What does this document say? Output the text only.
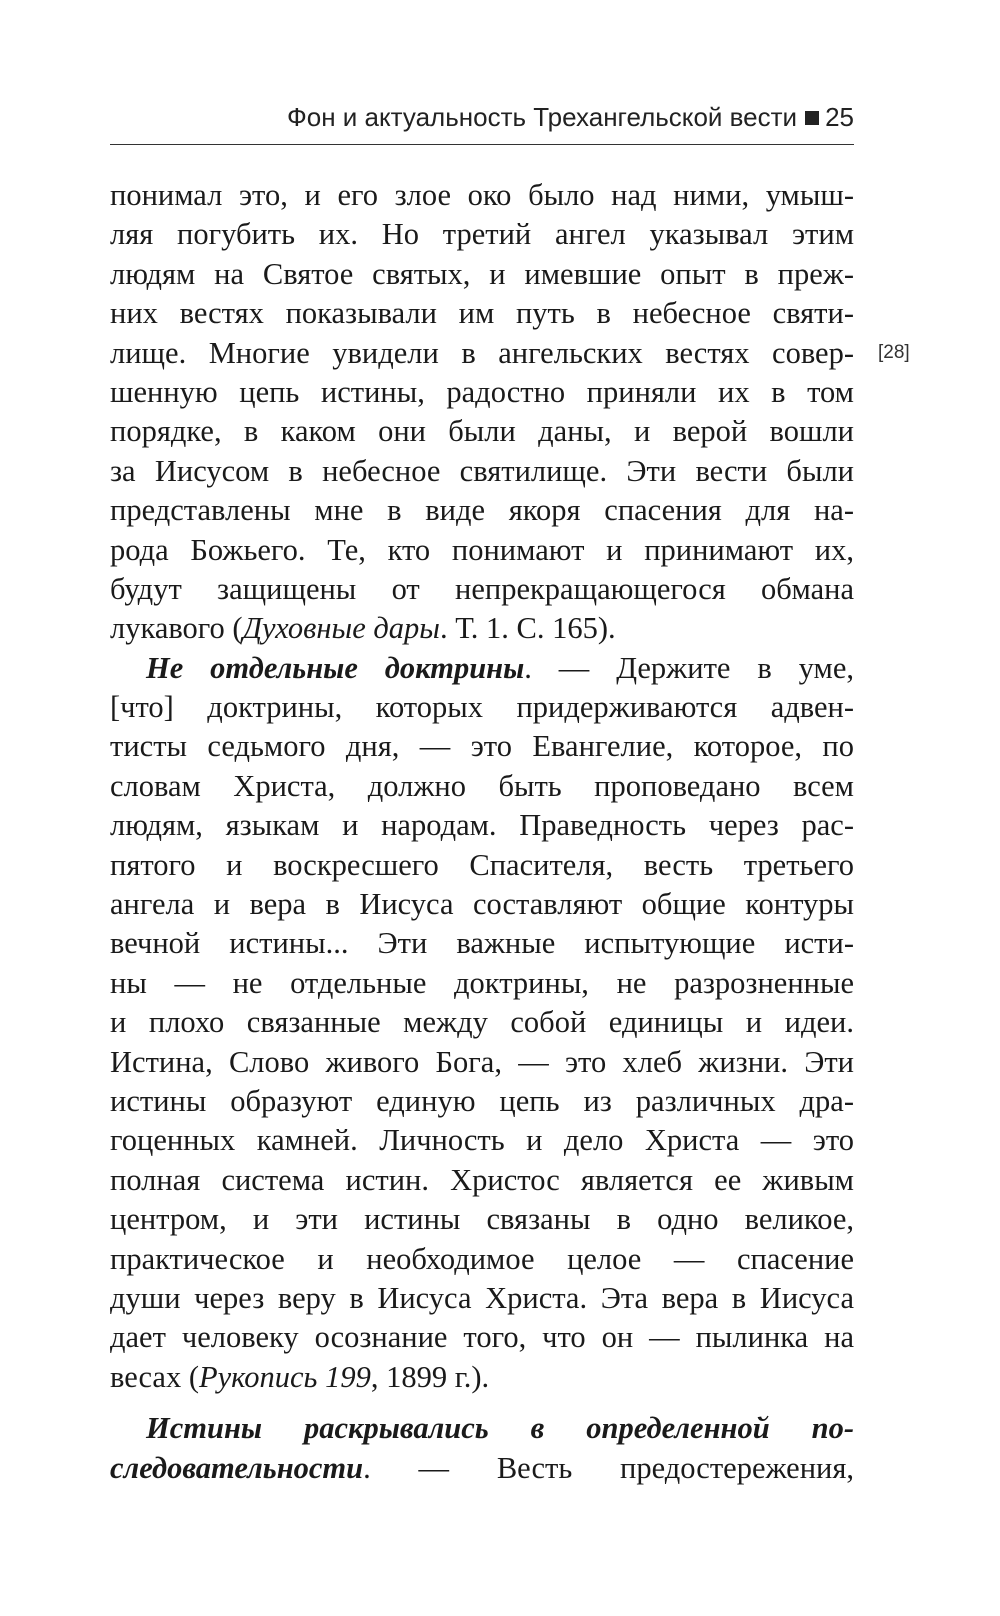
Фон и актуальность Трехангельской вести 25
[28]
понимал это, и его злое око было над ними, умыш-
ляя погубить их. Но третий ангел указывал этим
людям на Святое святых, и имевшие опыт в преж-
них вестях показывали им путь в небесное святи-
лище. Многие увидели в ангельских вестях совер-
шенную цепь истины, радостно приняли их в том
порядке, в каком они были даны, и верой вошли
за Иисусом в небесное святилище. Эти вести были
представлены мне в виде якоря спасения для на-
рода Божьего. Те, кто понимают и принимают их,
будут защищены от непрекращающегося обмана
лукавого (Духовные дары. Т. 1. С. 165).
Не отдельные доктрины. — Держите в уме,
[что] доктрины, которых придерживаются адвен-
тисты седьмого дня, — это Евангелие, которое, по
словам Христа, должно быть проповедано всем
людям, языкам и народам. Праведность через рас-
пятого и воскресшего Спасителя, весть третьего
ангела и вера в Иисуса составляют общие контуры
вечной истины... Эти важные испытующие исти-
ны — не отдельные доктрины, не разрозненные
и плохо связанные между собой единицы и идеи.
Истина, Слово живого Бога, — это хлеб жизни. Эти
истины образуют единую цепь из различных дра-
гоценных камней. Личность и дело Христа — это
полная система истин. Христос является ее живым
центром, и эти истины связаны в одно великое,
практическое и необходимое целое — спасение
души через веру в Иисуса Христа. Эта вера в Иисуса
дает человеку осознание того, что он — пылинка на
весах (Рукопись 199, 1899 г.).
Истины раскрывались в определенной по-
следовательности. — Весть предостережения,
